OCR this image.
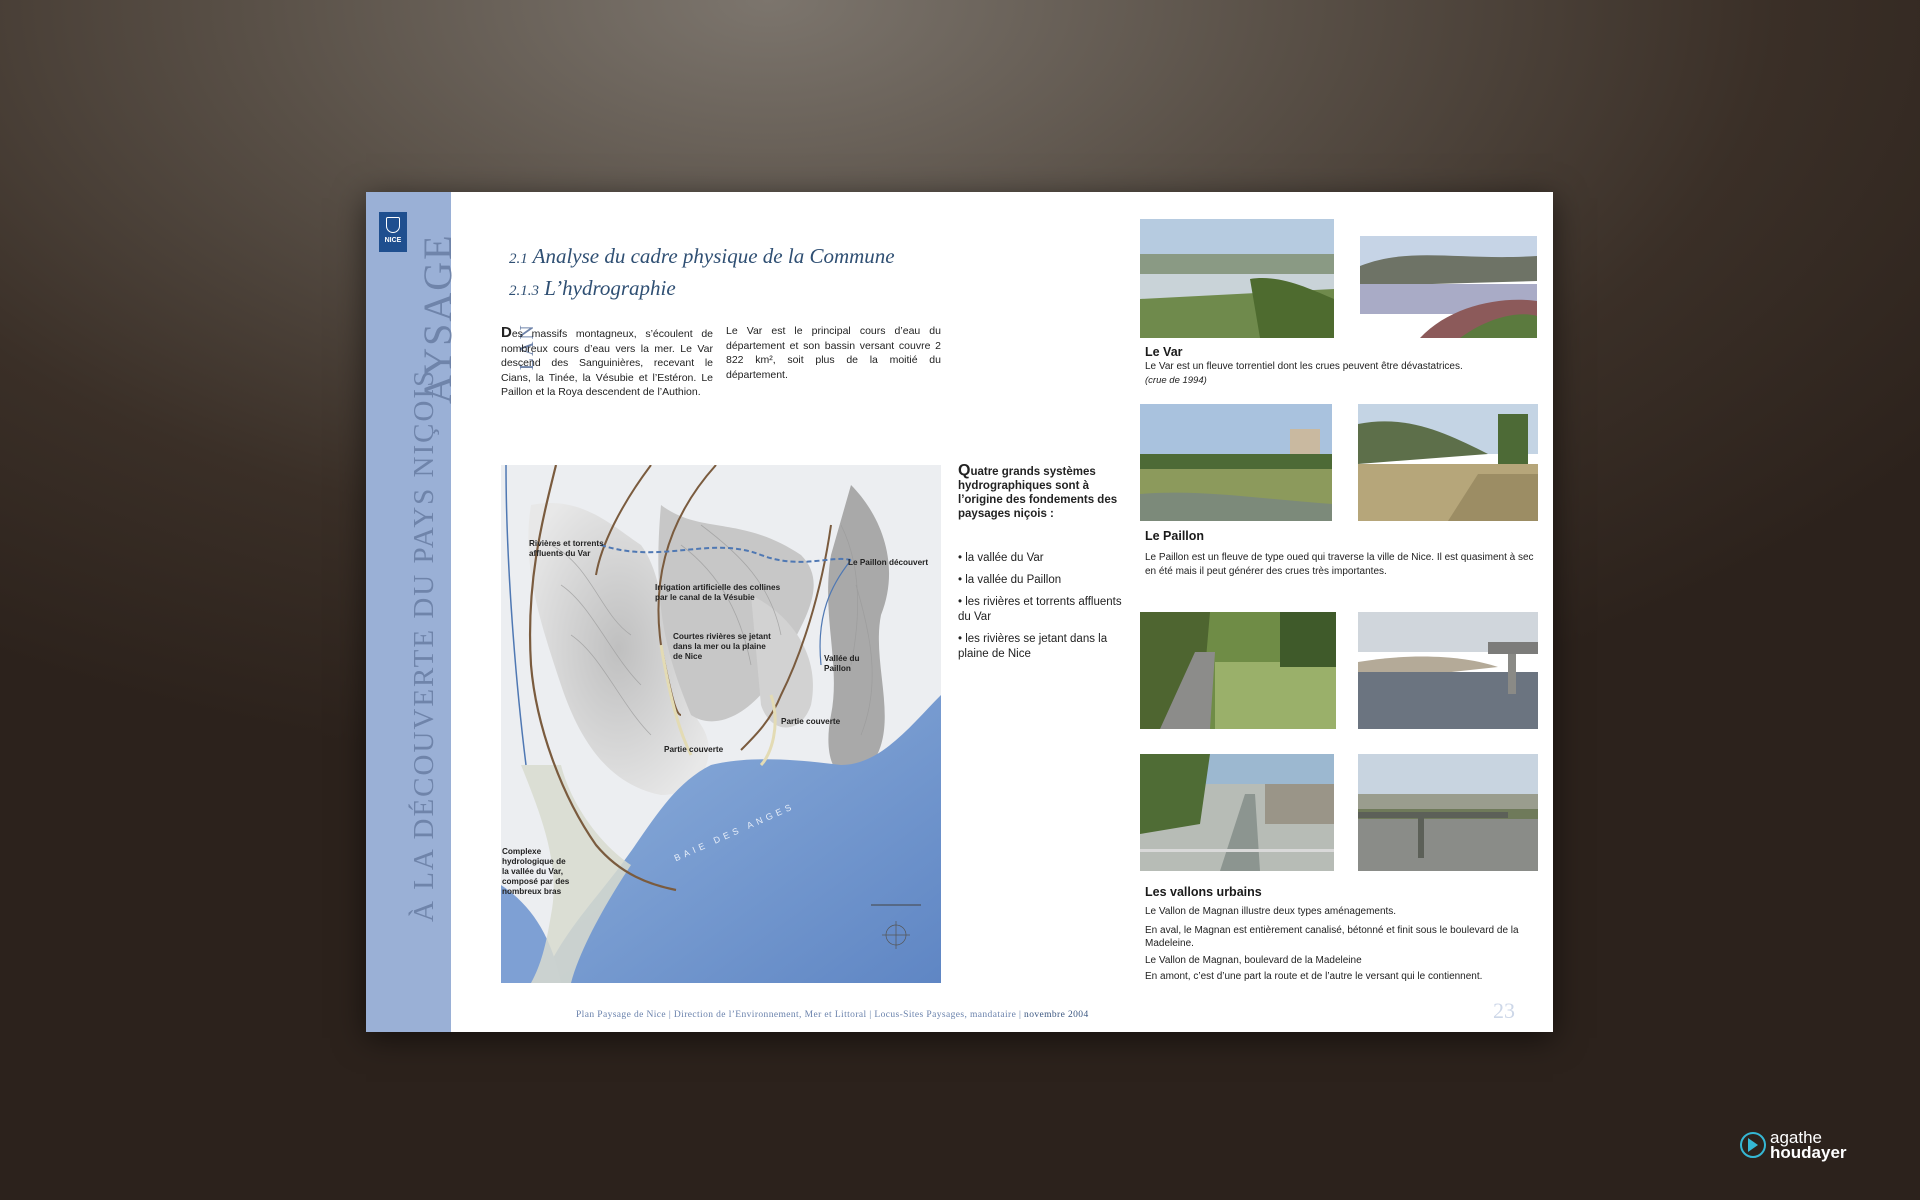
NICE
PLAN
AYSAGE
À LA DÉCOUVERTE DU PAYS NIÇOIS
2.1 Analyse du cadre physique de la Commune
2.1.3 L’hydrographie
Des massifs montagneux, s’écoulent de nombreux cours d’eau vers la mer. Le Var descend des Sanguinières, recevant le Cians, la Tinée, la Vésubie et l’Estéron. Le Paillon et la Roya descendent de l’Authion.
Le Var est le principal cours d’eau du département et son bassin versant couvre 2 822 km², soit plus de la moitié du département.
Rivières et torrents affluents du Var
Irrigation artificielle des collines par le canal de la Vésubie
Le Paillon découvert
Courtes rivières se jetant dans la mer ou la plaine de Nice	Vallée du Paillon
Partie couverte
Partie couverte
Complexe hydrologique de la vallée du Var, composé par des nombreux bras
BAIE DES ANGES
Quatre grands systèmes hydrographiques sont à l’origine des fondements des paysages niçois :
• la vallée du Var
• la vallée du Paillon
• les rivières et torrents affluents du Var
• les rivières se jetant dans la plaine de Nice
Le Var
Le Var est un fleuve torrentiel dont les crues peuvent être dévastatrices.
(crue de 1994)
Le Paillon
Le Paillon est un fleuve de type oued qui traverse la ville de Nice. Il est quasiment à sec en été mais il peut générer des crues très importantes.
Les vallons urbains
Le Vallon de Magnan illustre deux types aménagements.
En aval, le Magnan est entièrement canalisé, bétonné et finit sous le boulevard de la Madeleine.
Le Vallon de Magnan, boulevard de la Madeleine
En amont, c’est d’une part la route et de l’autre le versant qui le contiennent.
Plan Paysage de Nice | Direction de l’Environnement, Mer et Littoral | Locus-Sites Paysages, mandataire | novembre 2004	23
agathe
houdayer
